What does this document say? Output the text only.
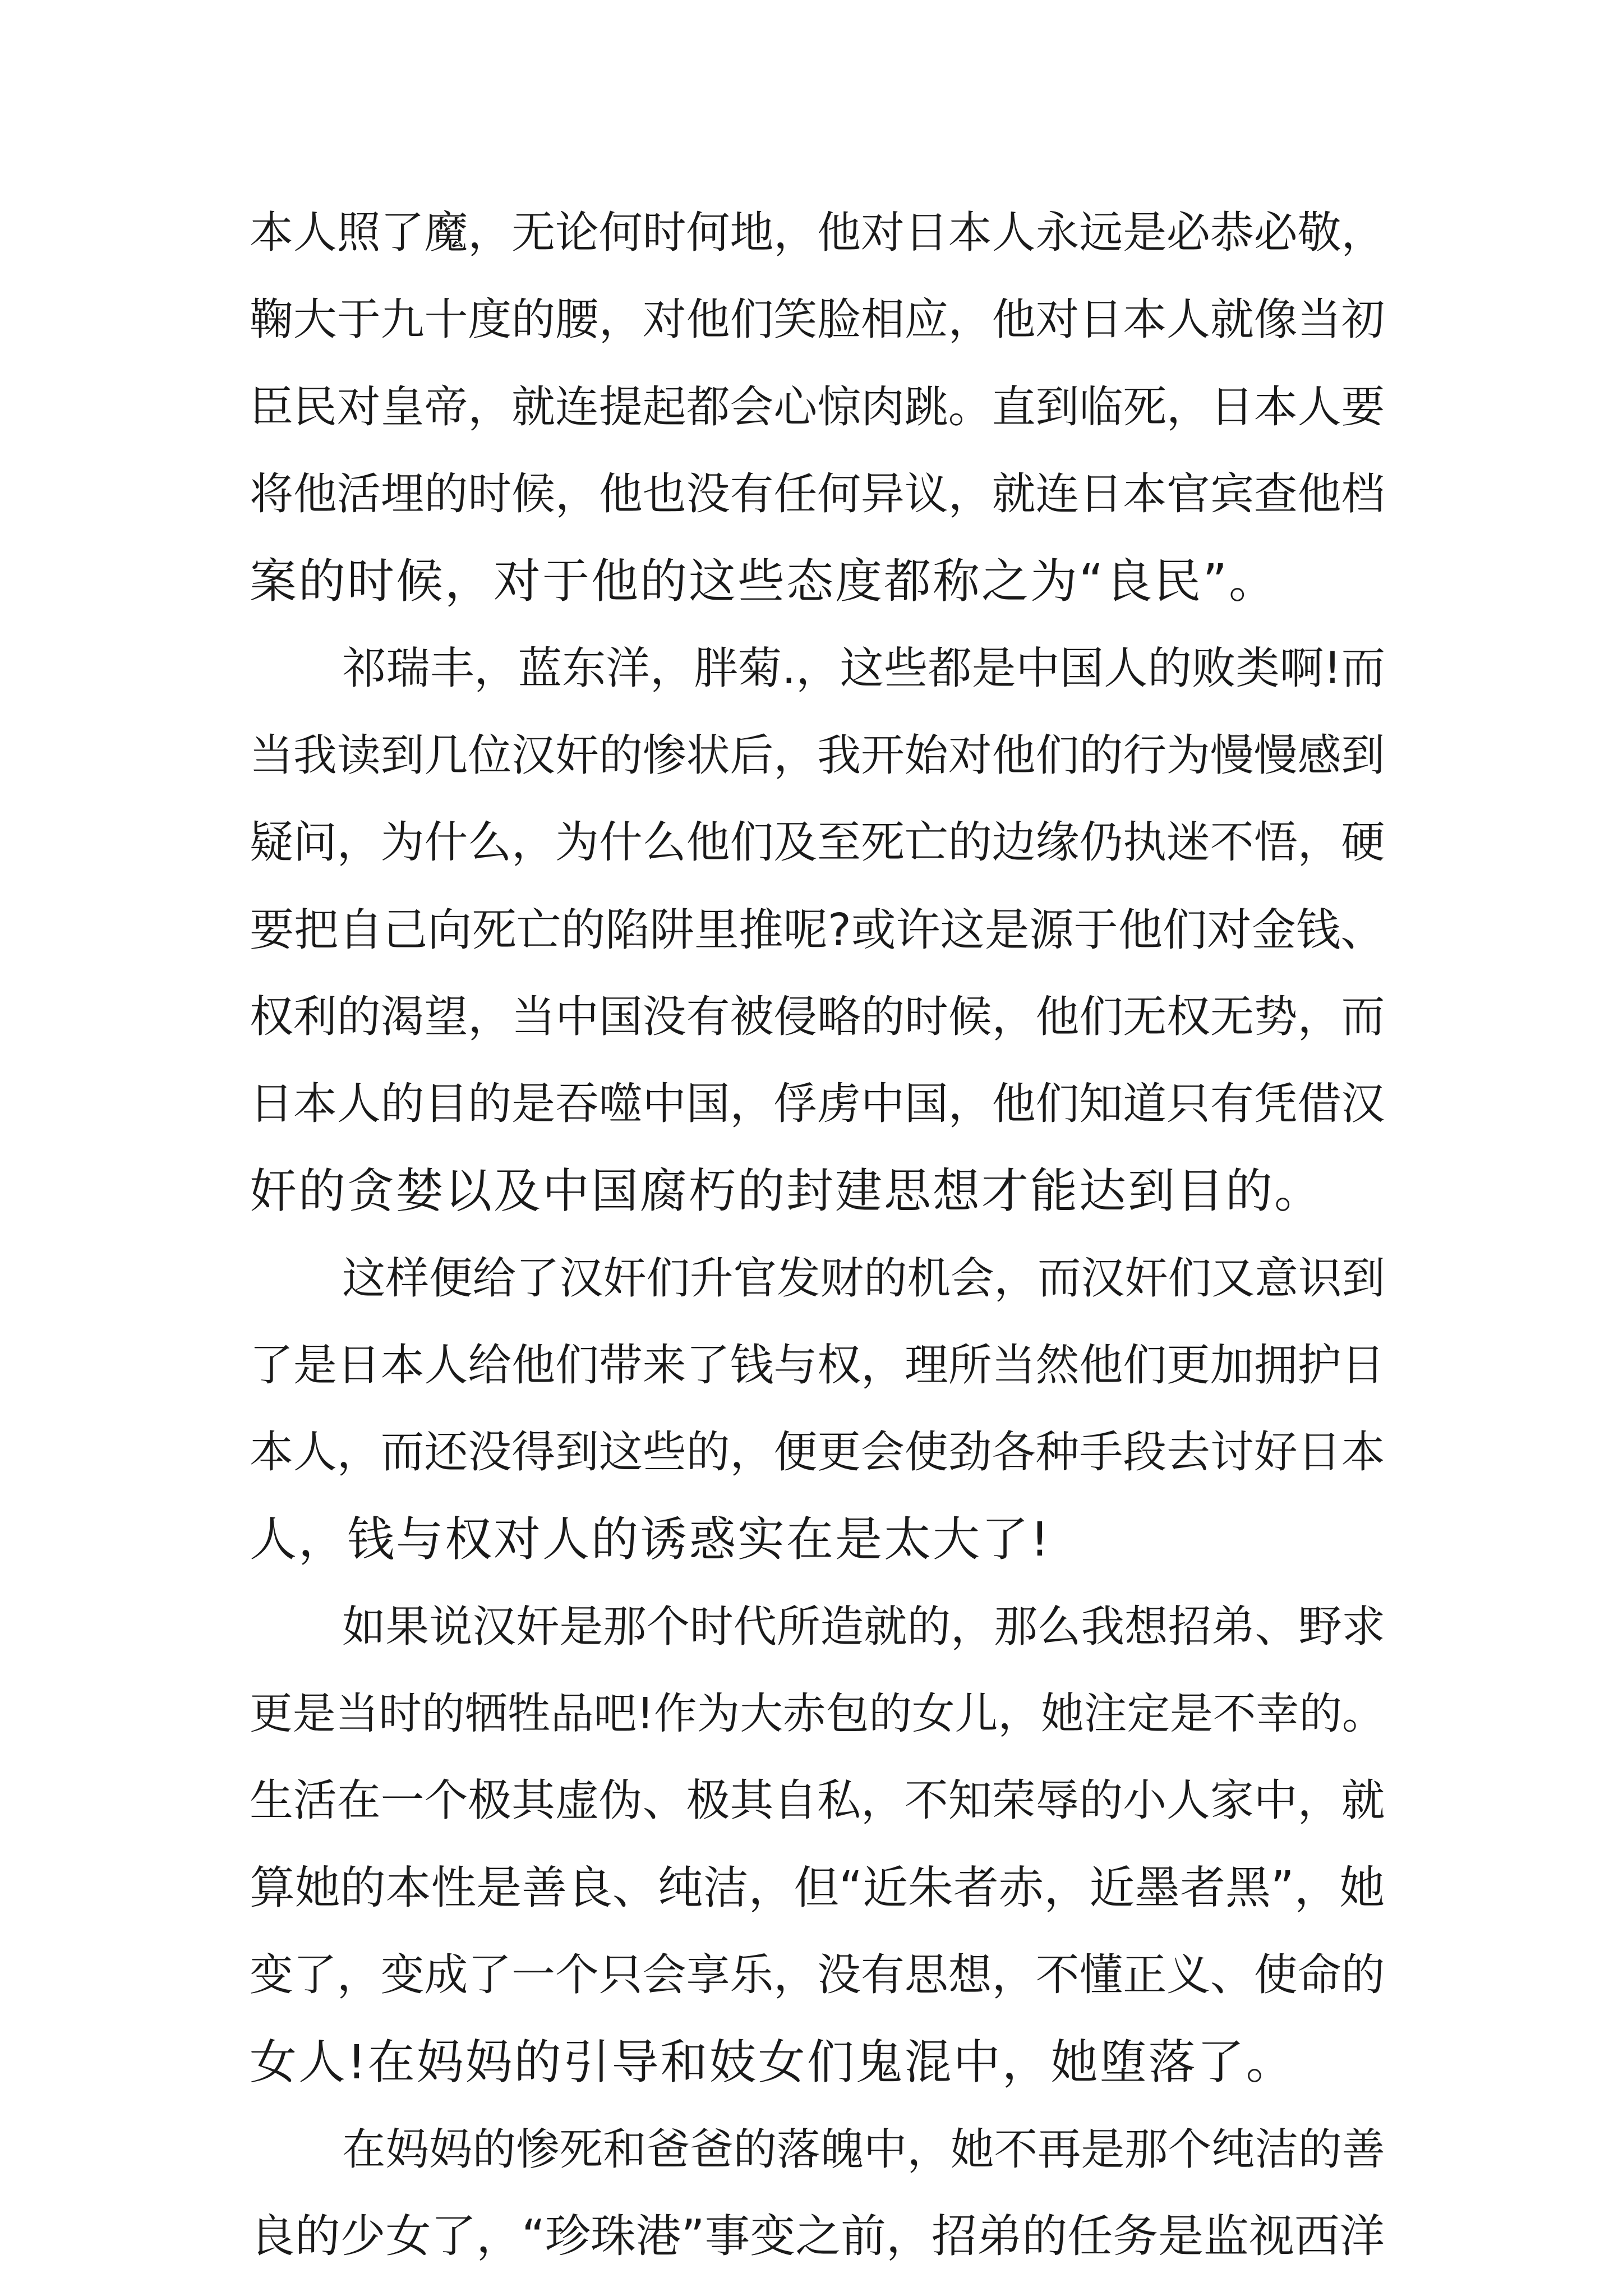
本人照了魔，无论何时何地，他对日本人永远是必恭必敬，
鞠大于九十度的腰，对他们笑脸相应，他对日本人就像当初
臣民对皇帝，就连提起都会心惊肉跳。直到临死，日本人要
将他活埋的时候，他也没有任何异议，就连日本官宾查他档
案的时候，对于他的这些态度都称之为“良民”。
祁瑞丰，蓝东洋，胖菊.，这些都是中国人的败类啊!而
当我读到几位汉奸的惨状后，我开始对他们的行为慢慢感到
疑问，为什么，为什么他们及至死亡的边缘仍执迷不悟，硬
要把自己向死亡的陷阱里推呢?或许这是源于他们对金钱、
权利的渴望，当中国没有被侵略的时候，他们无权无势，而
日本人的目的是吞噬中国，俘虏中国，他们知道只有凭借汉
奸的贪婪以及中国腐朽的封建思想才能达到目的。
这样便给了汉奸们升官发财的机会，而汉奸们又意识到
了是日本人给他们带来了钱与权，理所当然他们更加拥护日
本人，而还没得到这些的，便更会使劲各种手段去讨好日本
人，钱与权对人的诱惑实在是太大了!
如果说汉奸是那个时代所造就的，那么我想招弟、野求
更是当时的牺牲品吧!作为大赤包的女儿，她注定是不幸的。
生活在一个极其虚伪、极其自私，不知荣辱的小人家中，就
算她的本性是善良、纯洁，但“近朱者赤，近墨者黑”，她
变了，变成了一个只会享乐，没有思想，不懂正义、使命的
女人!在妈妈的引导和妓女们鬼混中，她堕落了。
在妈妈的惨死和爸爸的落魄中，她不再是那个纯洁的善
良的少女了，“珍珠港”事变之前，招弟的任务是监视西洋
